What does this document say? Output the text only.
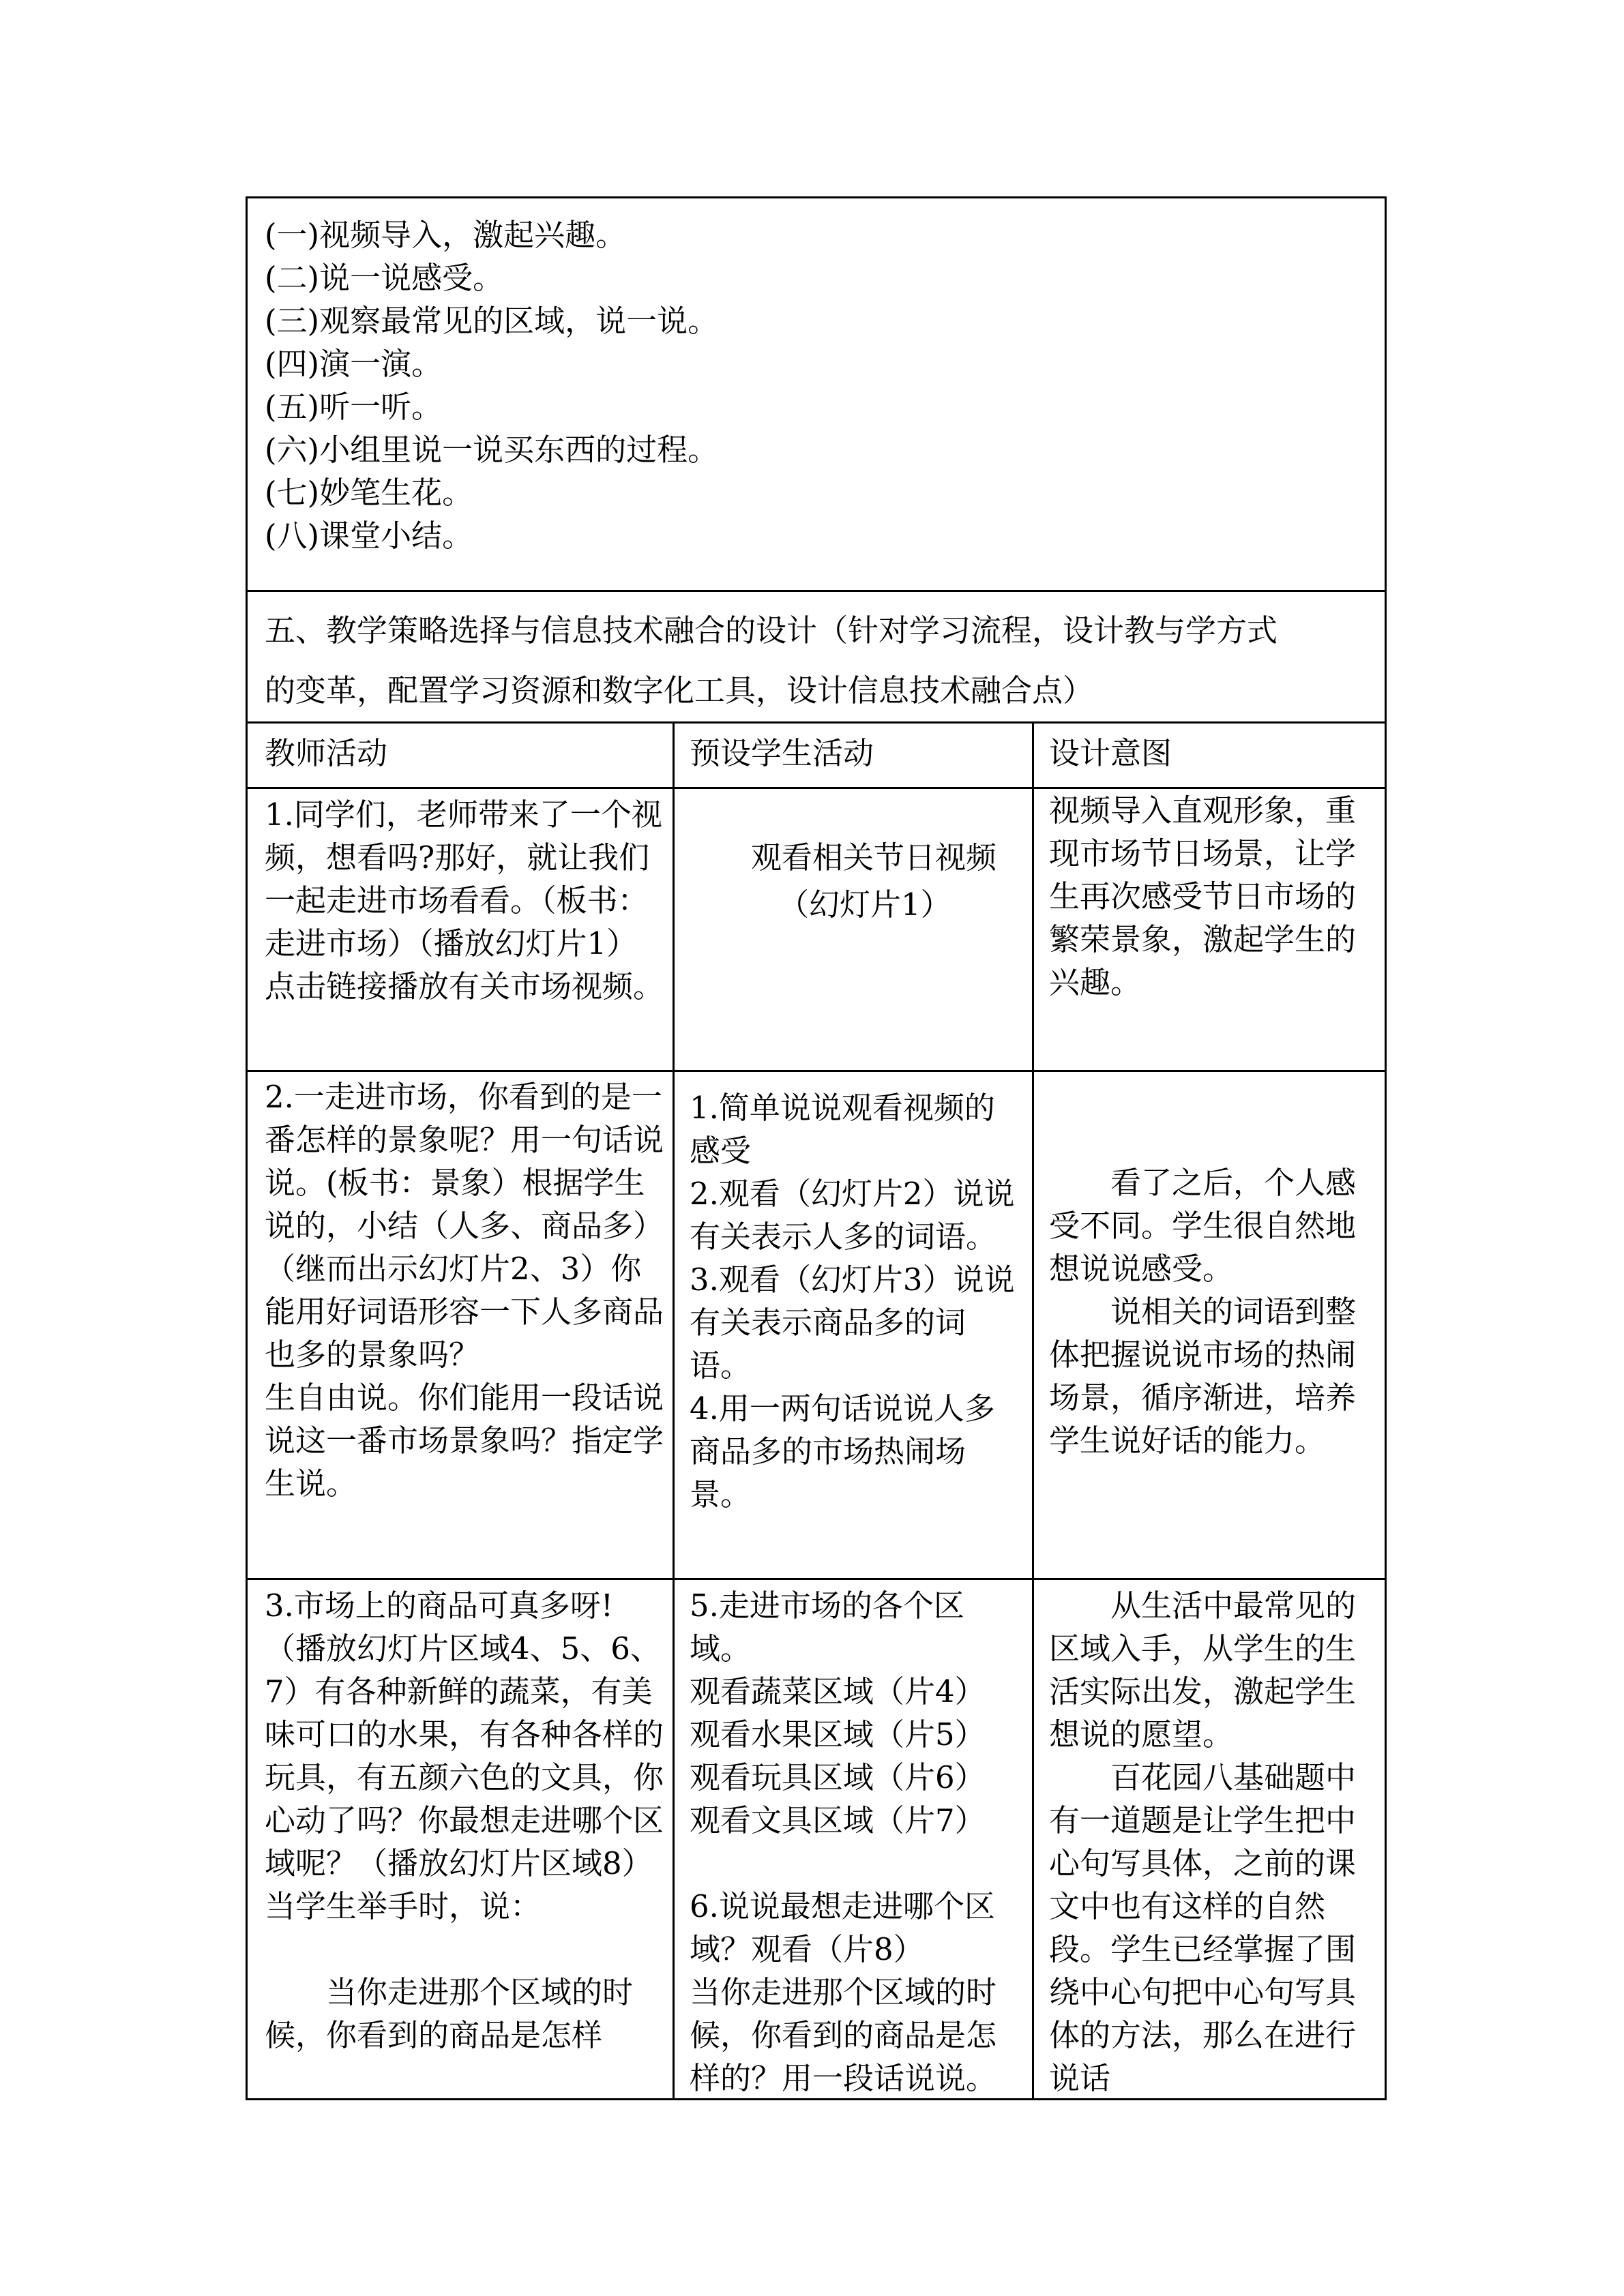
(一)视频导入，激起兴趣。
(二)说一说感受。
(三)观察最常见的区域，说一说。
(四)演一演。
(五)听一听。
(六)小组里说一说买东西的过程。
(七)妙笔生花。
(八)课堂小结。
五、教学策略选择与信息技术融合的设计（针对学习流程，设计教与学方式
的变革，配置学习资源和数字化工具，设计信息技术融合点）
教师活动	预设学生活动	设计意图

1.同学们，老师带来了一个视频，想看吗?那好，就让我们一起走进市场看看。（板书：走进市场）（播放幻灯片1）点击链接播放有关市场视频。

观看相关节日视频

（幻灯片1）

视频导入直观形象，重现市场节日场景，让学生再次感受节日市场的繁荣景象，激起学生的兴趣。

2.一走进市场，你看到的是一番怎样的景象呢？用一句话说说。(板书：景象）根据学生说的，小结（人多、商品多）

（继而出示幻灯片2、3）你能用好词语形容一下人多商品也多的景象吗？

生自由说。你们能用一段话说说这一番市场景象吗？指定学生说。

1.简单说说观看视频的感受

2.观看（幻灯片2）说说有关表示人多的词语。

3.观看（幻灯片3）说说有关表示商品多的词语。

4.用一两句话说说人多商品多的市场热闹场景。

看了之后，个人感受不同。学生很自然地想说说感受。

说相关的词语到整体把握说说市场的热闹场景，循序渐进，培养学生说好话的能力。

3.市场上的商品可真多呀!（播放幻灯片区域4、5、6、7）有各种新鲜的蔬菜，有美味可口的水果，有各种各样的玩具，有五颜六色的文具，你心动了吗？你最想走进哪个区域呢？（播放幻灯片区域8）当学生举手时，说：

当你走进那个区域的时候，你看到的商品是怎样

5.走进市场的各个区域。

观看蔬菜区域（片4）

观看水果区域（片5）

观看玩具区域（片6）

观看文具区域（片7）

6.说说最想走进哪个区域？观看（片8）

当你走进那个区域的时候，你看到的商品是怎样的？用一段话说说。

从生活中最常见的区域入手，从学生的生活实际出发，激起学生想说的愿望。

百花园八基础题中有一道题是让学生把中心句写具体，之前的课文中也有这样的自然段。学生已经掌握了围绕中心句把中心句写具体的方法，那么在进行说话
